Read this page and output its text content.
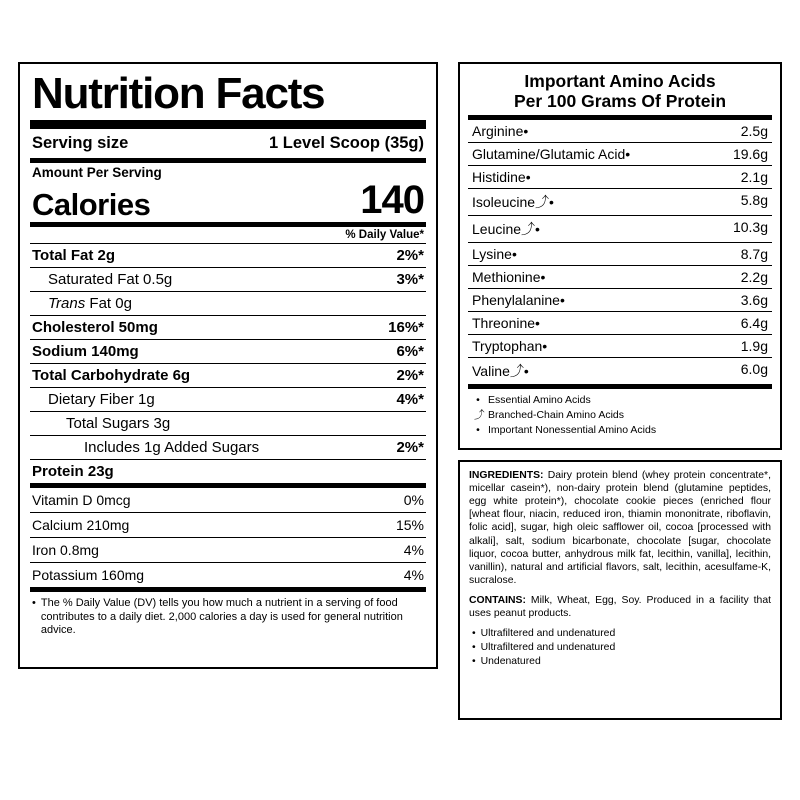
Nutrition Facts
Serving size	1 Level Scoop (35g)
Amount Per Serving
Calories	140
% Daily Value*
Total Fat 2g	2%*
Saturated Fat 0.5g	3%*
Trans Fat 0g
Cholesterol 50mg	16%*
Sodium 140mg	6%*
Total Carbohydrate 6g	2%*
Dietary Fiber 1g	4%*
Total Sugars 3g
Includes 1g Added Sugars	2%*
Protein 23g
Vitamin D 0mcg	0%
Calcium 210mg	15%
Iron 0.8mg	4%
Potassium 160mg	4%
• The % Daily Value (DV) tells you how much a nutrient in a serving of food contributes to a daily diet. 2,000 calories a day is used for general nutrition advice.
Important Amino Acids
Per 100 Grams Of Protein
Arginine•	2.5g
Glutamine/Glutamic Acid•	19.6g
Histidine•	2.1g
Isoleucine⤴•	5.8g
Leucine⤴•	10.3g
Lysine•	8.7g
Methionine•	2.2g
Phenylalanine•	3.6g
Threonine•	6.4g
Tryptophan•	1.9g
Valine⤴•	6.0g
• Essential Amino Acids
⤴ Branched-Chain Amino Acids
• Important Nonessential Amino Acids
INGREDIENTS: Dairy protein blend (whey protein concentrate*, micellar casein*), non-dairy protein blend (glutamine peptides, egg white protein*), chocolate cookie pieces (enriched flour [wheat flour, niacin, reduced iron, thiamin mononitrate, riboflavin, folic acid], sugar, high oleic safflower oil, cocoa [processed with alkali], salt, sodium bicarbonate, chocolate [sugar, chocolate liquor, cocoa butter, anhydrous milk fat, lecithin, vanilla], lecithin, vanillin), natural and artificial flavors, salt, lecithin, acesulfame-K, sucralose.
CONTAINS: Milk, Wheat, Egg, Soy. Produced in a facility that uses peanut products.
• Ultrafiltered and undenatured
• Ultrafiltered and undenatured
• Undenatured
